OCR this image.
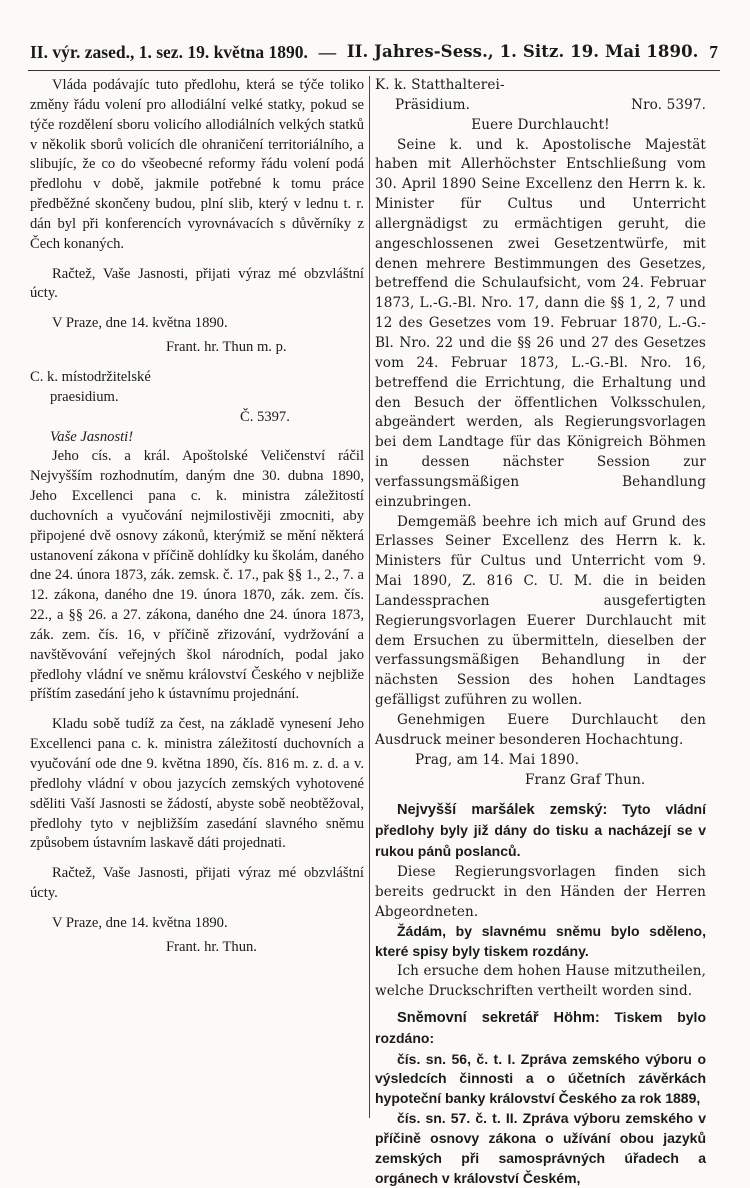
II. výr. zased., 1. sez. 19. května 1890. — II. Jahres-Sess., 1. Sitz. 19. Mai 1890. 7

Vláda podávajíc tuto předlohu, která se týče toliko změny řádu volení pro allodiální velké statky, pokud se týče rozdělení sboru volicího allodiálních velkých statků v několik sborů volicích dle ohraničení territoriálního, a slibujíc, že co do všeobecné reformy řádu volení podá předlohu v době, jakmile potřebné k tomu práce předběžné skončeny budou, plní slib, který v lednu t. r. dán byl při konferencích vyrovnávacích s důvěrníky z Čech konaných.

Račtež, Vaše Jasnosti, přijati výraz mé obzvláštní úcty.

V Praze, dne 14. května 1890.

Frant. hr. Thun m. p.

C. k. místodržitelské

praesidium.

Č. 5397.

Vaše Jasnosti!

Jeho cís. a král. Apoštolské Veličenství ráčil Nejvyšším rozhodnutím, daným dne 30. dubna 1890, Jeho Excellenci pana c. k. ministra záležitostí duchovních a vyučování nejmilostivěji zmocniti, aby připojené dvě osnovy zákonů, kterýmiž se mění některá ustanovení zákona v příčině dohlídky ku školám, daného dne 24. února 1873, zák. zemsk. č. 17., pak §§ 1., 2., 7. a 12. zákona, daného dne 19. února 1870, zák. zem. čís. 22., a §§ 26. a 27. zákona, daného dne 24. února 1873, zák. zem. čís. 16, v příčině zřizování, vydržování a navštěvování veřejných škol národních, podal jako předlohy vládní ve sněmu království Českého v nejbliže příštím zasedání jeho k ústavnímu projednání.

Kladu sobě tudíž za čest, na základě vynesení Jeho Excellenci pana c. k. ministra záležitostí duchovních a vyučování ode dne 9. května 1890, čís. 816 m. z. d. a v. předlohy vládní v obou jazycích zemských vyhotovené sděliti Vaší Jasnosti se žádostí, abyste sobě neobtěžoval, předlohy tyto v nejbližším zasedání slavného sněmu způsobem ústavním laskavě dáti projednati.

Račtež, Vaše Jasnosti, přijati výraz mé obzvláštní úcty.

V Praze, dne 14. května 1890.

Frant. hr. Thun.

K. k. Statthalterei-

Präsidium.	Nro. 5397.

Euere Durchlaucht!

Seine k. und k. Apostolische Majestät haben mit Allerhöchster Entschließung vom 30. April 1890 Seine Excellenz den Herrn k. k. Minister für Cultus und Unterricht allergnädigst zu ermächtigen geruht, die angeschlossenen zwei Gesetzentwürfe, mit denen mehrere Bestimmungen des Gesetzes, betreffend die Schulaufsicht, vom 24. Februar 1873, L.-G.-Bl. Nro. 17, dann die §§ 1, 2, 7 und 12 des Gesetzes vom 19. Februar 1870, L.-G.-Bl. Nro. 22 und die §§ 26 und 27 des Gesetzes vom 24. Februar 1873, L.-G.-Bl. Nro. 16, betreffend die Errichtung, die Erhaltung und den Besuch der öffentlichen Volksschulen, abgeändert werden, als Regierungsvorlagen bei dem Landtage für das Königreich Böhmen in dessen nächster Session zur verfassungsmäßigen Behandlung einzubringen.

Demgemäß beehre ich mich auf Grund des Erlasses Seiner Excellenz des Herrn k. k. Ministers für Cultus und Unterricht vom 9. Mai 1890, Z. 816 C. U. M. die in beiden Landessprachen ausgefertigten Regierungsvorlagen Euerer Durchlaucht mit dem Ersuchen zu übermitteln, dieselben der verfassungsmäßigen Behandlung in der nächsten Session des hohen Landtages gefälligst zuführen zu wollen.

Genehmigen Euere Durchlaucht den Ausdruck meiner besonderen Hochachtung.

Prag, am 14. Mai 1890.

Franz Graf Thun.

Nejvyšší maršálek zemský: Tyto vládní předlohy byly již dány do tisku a nacházejí se v rukou pánů poslanců.

Diese Regierungsvorlagen finden sich bereits gedruckt in den Händen der Herren Abgeordneten.

Žádám, by slavnému sněmu bylo sděleno, které spisy byly tiskem rozdány.

Ich ersuche dem hohen Hause mitzutheilen, welche Druckschriften vertheilt worden sind.

Sněmovní sekretář Höhm: Tiskem bylo rozdáno:

čís. sn. 56, č. t. I. Zpráva zemského výboru o výsledcích činnosti a o účetních závěrkách hypoteční banky království Českého za rok 1889,

čís. sn. 57. č. t. II. Zpráva výboru zemského v příčině osnovy zákona o užívání obou jazyků zemských při samosprávných úřadech a orgánech v království Českém,
